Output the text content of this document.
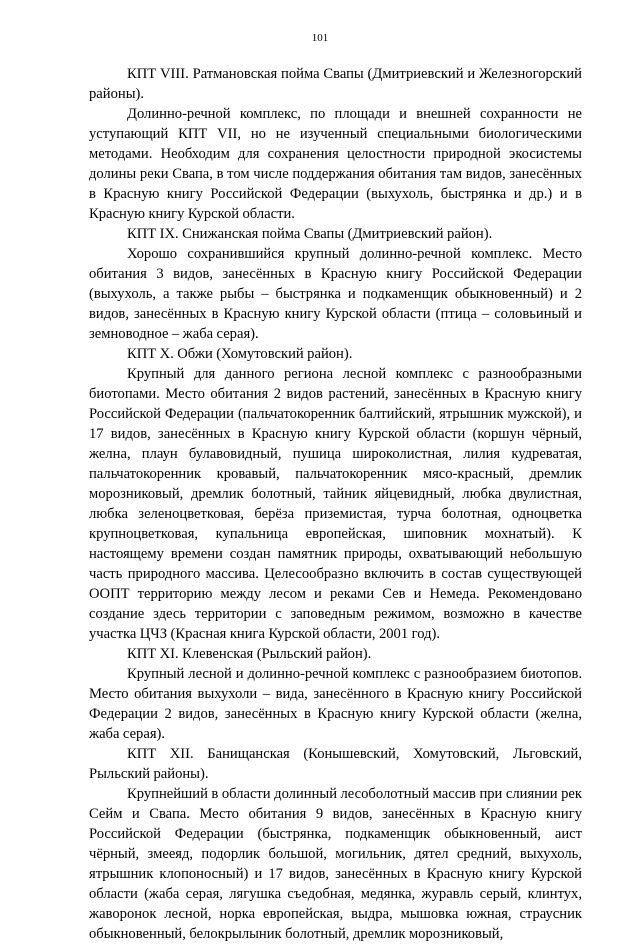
101

КПТ VIII. Ратмановская пойма Свапы (Дмитриевский и Железногорский районы).

Долинно-речной комплекс, по площади и внешней сохранности не уступающий КПТ VII, но не изученный специальными биологическими методами. Необходим для сохранения целостности природной экосистемы долины реки Свапа, в том числе поддержания обитания там видов, занесённых в Красную книгу Российской Федерации (выхухоль, быстрянка и др.) и в Красную книгу Курской области.

КПТ IX. Снижанская пойма Свапы (Дмитриевский район).

Хорошо сохранившийся крупный долинно-речной комплекс. Место обитания 3 видов, занесённых в Красную книгу Российской Федерации (выхухоль, а также рыбы – быстрянка и подкаменщик обыкновенный) и 2 видов, занесённых в Красную книгу Курской области (птица – соловьиный и земноводное – жаба серая).

КПТ X. Обжи (Хомутовский район).

Крупный для данного региона лесной комплекс с разнообразными биотопами. Место обитания 2 видов растений, занесённых в Красную книгу Российской Федерации (пальчатокоренник балтийский, ятрышник мужской), и 17 видов, занесённых в Красную книгу Курской области (коршун чёрный, желна, плаун булавовидный, пушица широколистная, лилия кудреватая, пальчатокоренник кровавый, пальчатокоренник мясо-красный, дремлик морозниковый, дремлик болотный, тайник яйцевидный, любка двулистная, любка зеленоцветковая, берёза приземистая, турча болотная, одноцветка крупноцветковая, купальница европейская, шиповник мохнатый). К настоящему времени создан памятник природы, охватывающий небольшую часть природного массива. Целесообразно включить в состав существующей ООПТ территорию между лесом и реками Сев и Немеда. Рекомендовано создание здесь территории с заповедным режимом, возможно в качестве участка ЦЧЗ (Красная книга Курской области, 2001 год).

КПТ XI. Клевенская (Рыльский район).

Крупный лесной и долинно-речной комплекс с разнообразием биотопов. Место обитания выхухоли – вида, занесённого в Красную книгу Российской Федерации 2 видов, занесённых в Красную книгу Курской области (желна, жаба серая).

КПТ XII. Банищанская (Конышевский, Хомутовский, Льговский, Рыльский районы).

Крупнейший в области долинный лесоболотный массив при слиянии рек Сейм и Свапа. Место обитания 9 видов, занесённых в Красную книгу Российской Федерации (быстрянка, подкаменщик обыкновенный, аист чёрный, змееяд, подорлик большой, могильник, дятел средний, выхухоль, ятрышник клопоносный) и 17 видов, занесённых в Красную книгу Курской области (жаба серая, лягушка съедобная, медянка, журавль серый, клинтух, жаворонок лесной, норка европейская, выдра, мышовка южная, страусник обыкновенный, белокрылыник болотный, дремлик морозниковый,
